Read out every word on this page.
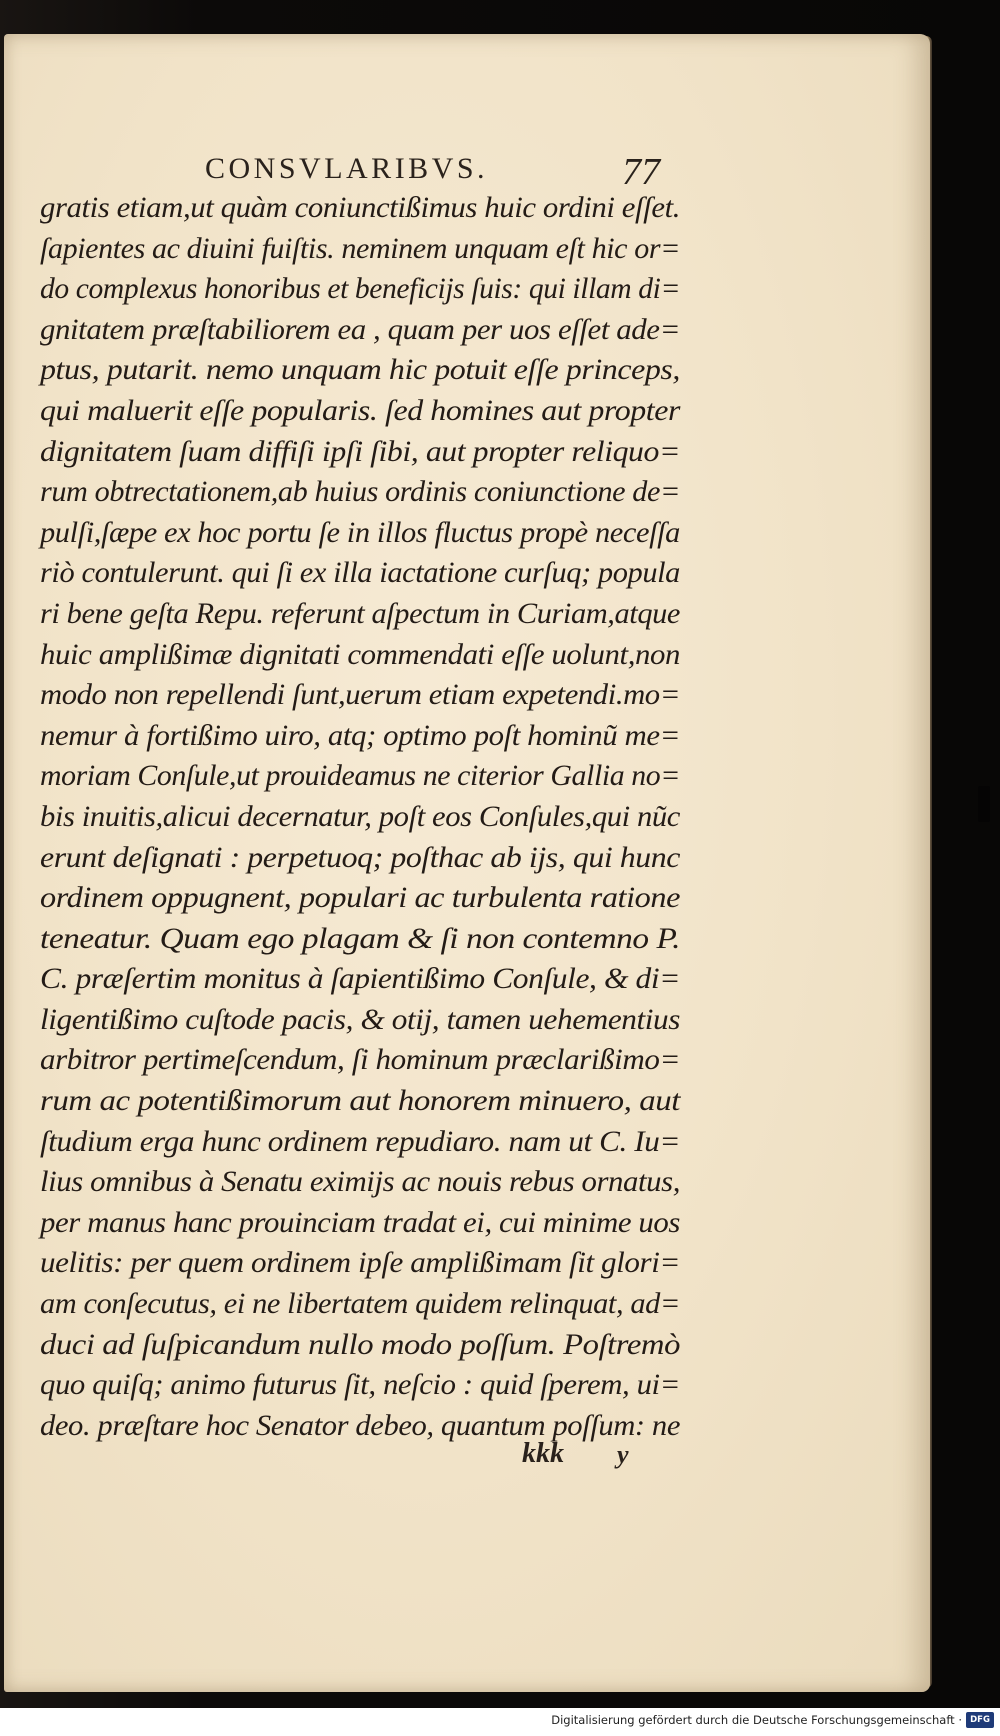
CONSVLARIBVS.	77
gratis etiam,ut quàm coniunctißimus huic ordini eſſet.
ſapientes ac diuini fuiſtis. neminem unquam eſt hic or=
do complexus honoribus et beneficijs ſuis: qui illam di=
gnitatem præſtabiliorem ea , quam per uos eſſet ade=
ptus, putarit. nemo unquam hic potuit eſſe princeps,
qui maluerit eſſe popularis. ſed homines aut propter
dignitatem ſuam diffiſi ipſi ſibi, aut propter reliquo=
rum obtrectationem,ab huius ordinis coniunctione de=
pulſi,ſæpe ex hoc portu ſe in illos fluctus propè neceſſa
riò contulerunt. qui ſi ex illa iactatione curſuq; popula
ri bene geſta Repu. referunt aſpectum in Curiam,atque
huic amplißimæ dignitati commendati eſſe uolunt,non
modo non repellendi ſunt,uerum etiam expetendi.mo=
nemur à fortißimo uiro, atq; optimo poſt hominũ me=
moriam Conſule,ut prouideamus ne citerior Gallia no=
bis inuitis,alicui decernatur, poſt eos Conſules,qui nũc
erunt deſignati : perpetuoq; poſthac ab ijs, qui hunc
ordinem oppugnent, populari ac turbulenta ratione
teneatur. Quam ego plagam & ſi non contemno P.
C. præſertim monitus à ſapientißimo Conſule, & di=
ligentißimo cuſtode pacis, & otij, tamen uehementius
arbitror pertimeſcendum, ſi hominum præclarißimo=
rum ac potentißimorum aut honorem minuero, aut
ſtudium erga hunc ordinem repudiaro. nam ut C. Iu=
lius omnibus à Senatu eximijs ac nouis rebus ornatus,
per manus hanc prouinciam tradat ei, cui minime uos
uelitis: per quem ordinem ipſe amplißimam ſit glori=
am conſecutus, ei ne libertatem quidem relinquat, ad=
duci ad ſuſpicandum nullo modo poſſum. Poſtremò
quo quiſq; animo futurus ſit, neſcio : quid ſperem, ui=
deo. præſtare hoc Senator debeo, quantum poſſum: ne
kkk y
Digitalisierung gefördert durch die Deutsche Forschungsgemeinschaft · DFG
